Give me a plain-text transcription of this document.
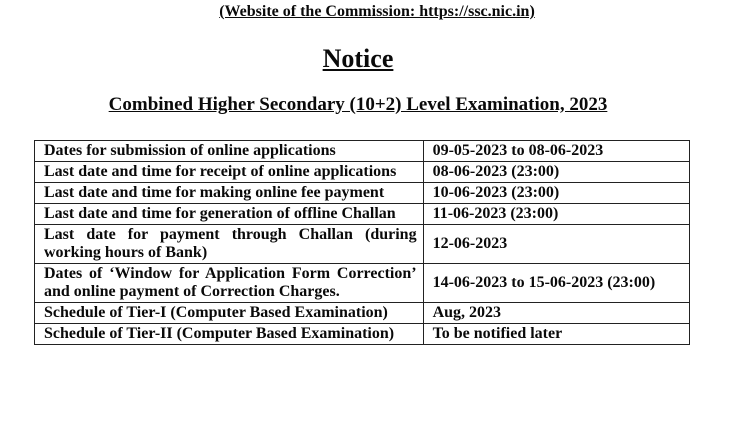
(Website of the Commission: https://ssc.nic.in)
Notice
Combined Higher Secondary (10+2) Level Examination, 2023
Dates for submission of online applications	09-05-2023 to 08-06-2023
Last date and time for receipt of online applications	08-06-2023 (23:00)
Last date and time for making online fee payment	10-06-2023 (23:00)
Last date and time for generation of offline Challan	11-06-2023 (23:00)
Last date for payment through Challan (during working hours of Bank)	12-06-2023
Dates of ‘Window for Application Form Correction’ and online payment of Correction Charges.	14-06-2023 to 15-06-2023 (23:00)
Schedule of Tier-I (Computer Based Examination)	Aug, 2023
Schedule of Tier-II (Computer Based Examination)	To be notified later
